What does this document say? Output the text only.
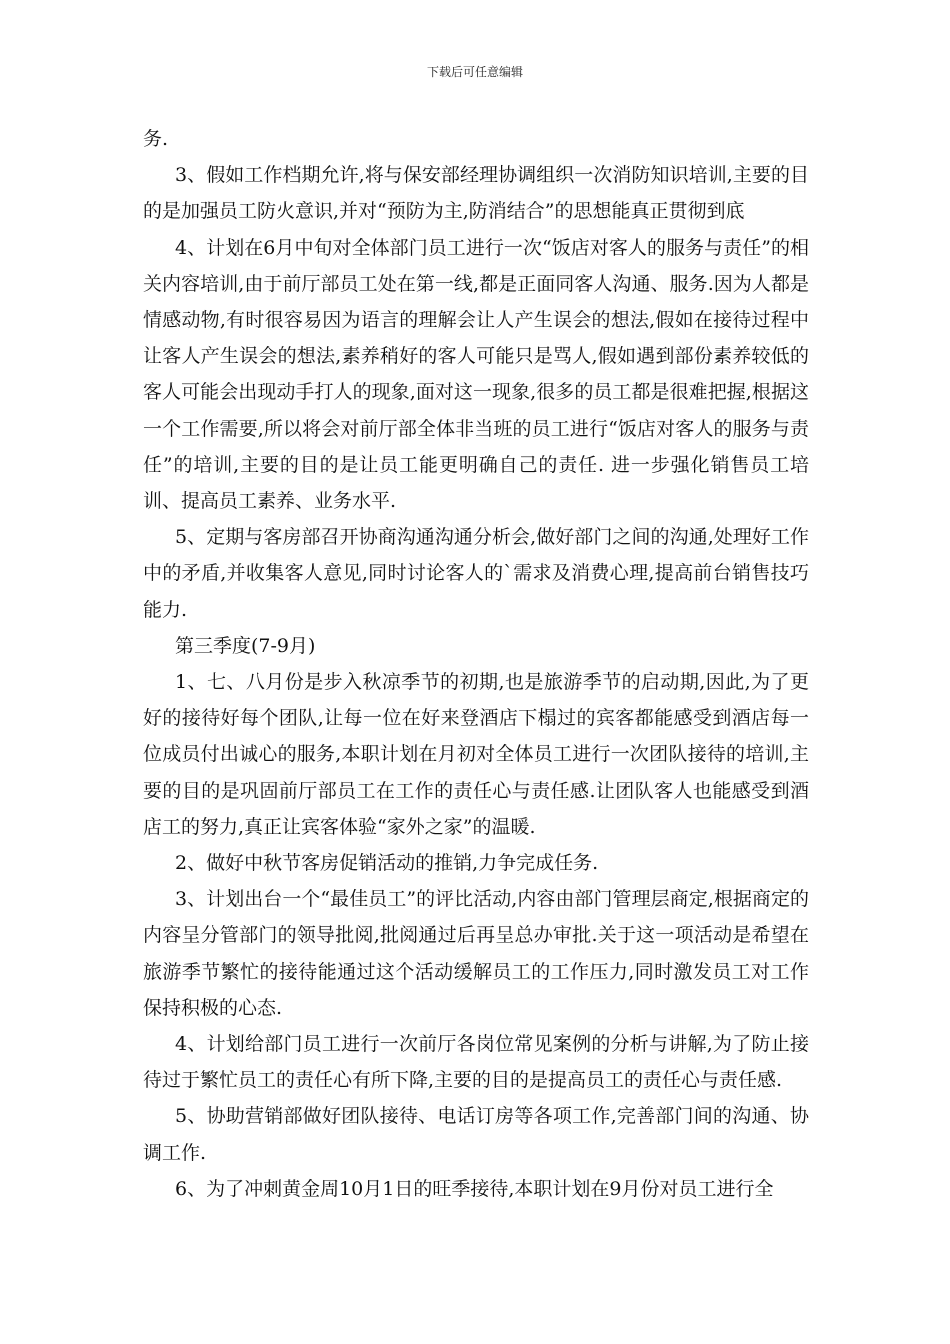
下载后可任意编辑

务.

3、假如工作档期允许,将与保安部经理协调组织一次消防知识培训,主要的目的是加强员工防火意识,并对“预防为主,防消结合”的思想能真正贯彻到底

4、计划在6月中旬对全体部门员工进行一次“饭店对客人的服务与责任”的相关内容培训,由于前厅部员工处在第一线,都是正面同客人沟通、服务.因为人都是情感动物,有时很容易因为语言的理解会让人产生误会的想法,假如在接待过程中让客人产生误会的想法,素养稍好的客人可能只是骂人,假如遇到部份素养较低的客人可能会出现动手打人的现象,面对这一现象,很多的员工都是很难把握,根据这一个工作需要,所以将会对前厅部全体非当班的员工进行“饭店对客人的服务与责任”的培训,主要的目的是让员工能更明确自己的责任. 进一步强化销售员工培训、提高员工素养、业务水平.

5、定期与客房部召开协商沟通沟通分析会,做好部门之间的沟通,处理好工作中的矛盾,并收集客人意见,同时讨论客人的`需求及消费心理,提高前台销售技巧能力.

第三季度(7-9月)

1、七、八月份是步入秋凉季节的初期,也是旅游季节的启动期,因此,为了更好的接待好每个团队,让每一位在好来登酒店下榻过的宾客都能感受到酒店每一位成员付出诚心的服务,本职计划在月初对全体员工进行一次团队接待的培训,主要的目的是巩固前厅部员工在工作的责任心与责任感.让团队客人也能感受到酒店工的努力,真正让宾客体验“家外之家”的温暖.

2、做好中秋节客房促销活动的推销,力争完成任务.

3、计划出台一个“最佳员工”的评比活动,内容由部门管理层商定,根据商定的内容呈分管部门的领导批阅,批阅通过后再呈总办审批.关于这一项活动是希望在旅游季节繁忙的接待能通过这个活动缓解员工的工作压力,同时激发员工对工作保持积极的心态.

4、计划给部门员工进行一次前厅各岗位常见案例的分析与讲解,为了防止接待过于繁忙员工的责任心有所下降,主要的目的是提高员工的责任心与责任感.

5、协助营销部做好团队接待、电话订房等各项工作,完善部门间的沟通、协调工作.

6、为了冲刺黄金周10月1日的旺季接待,本职计划在9月份对员工进行全
